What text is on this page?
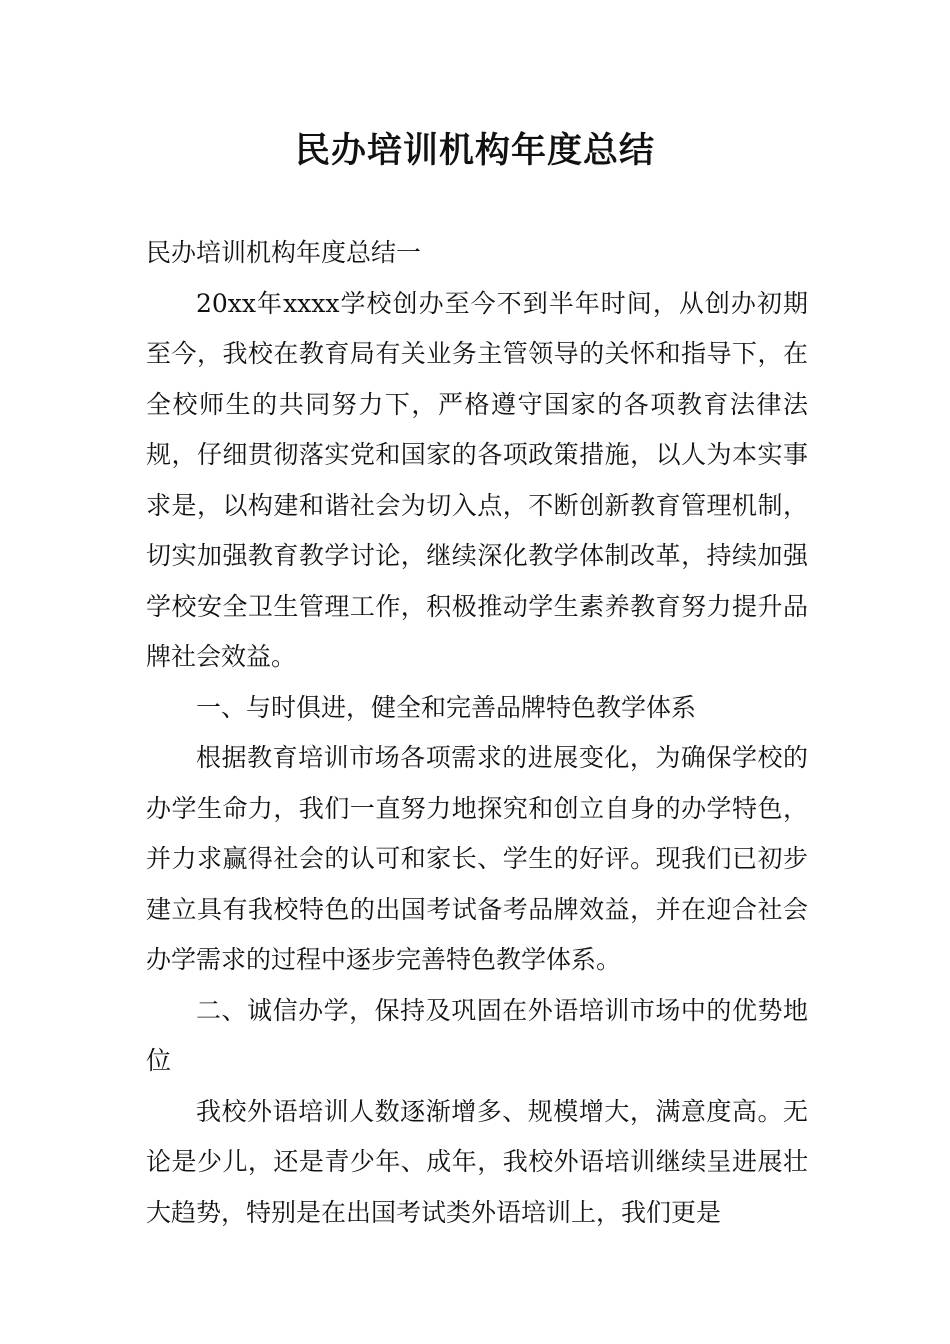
民办培训机构年度总结

民办培训机构年度总结一

20xx年xxxx学校创办至今不到半年时间，从创办初期至今，我校在教育局有关业务主管领导的关怀和指导下，在全校师生的共同努力下，严格遵守国家的各项教育法律法规，仔细贯彻落实党和国家的各项政策措施，以人为本实事求是，以构建和谐社会为切入点，不断创新教育管理机制，切实加强教育教学讨论，继续深化教学体制改革，持续加强学校安全卫生管理工作，积极推动学生素养教育努力提升品牌社会效益。

一、与时俱进，健全和完善品牌特色教学体系

根据教育培训市场各项需求的进展变化，为确保学校的办学生命力，我们一直努力地探究和创立自身的办学特色，并力求赢得社会的认可和家长、学生的好评。现我们已初步建立具有我校特色的出国考试备考品牌效益，并在迎合社会办学需求的过程中逐步完善特色教学体系。

二、诚信办学，保持及巩固在外语培训市场中的优势地位

我校外语培训人数逐渐增多、规模增大，满意度高。无论是少儿，还是青少年、成年，我校外语培训继续呈进展壮大趋势，特别是在出国考试类外语培训上，我们更是
